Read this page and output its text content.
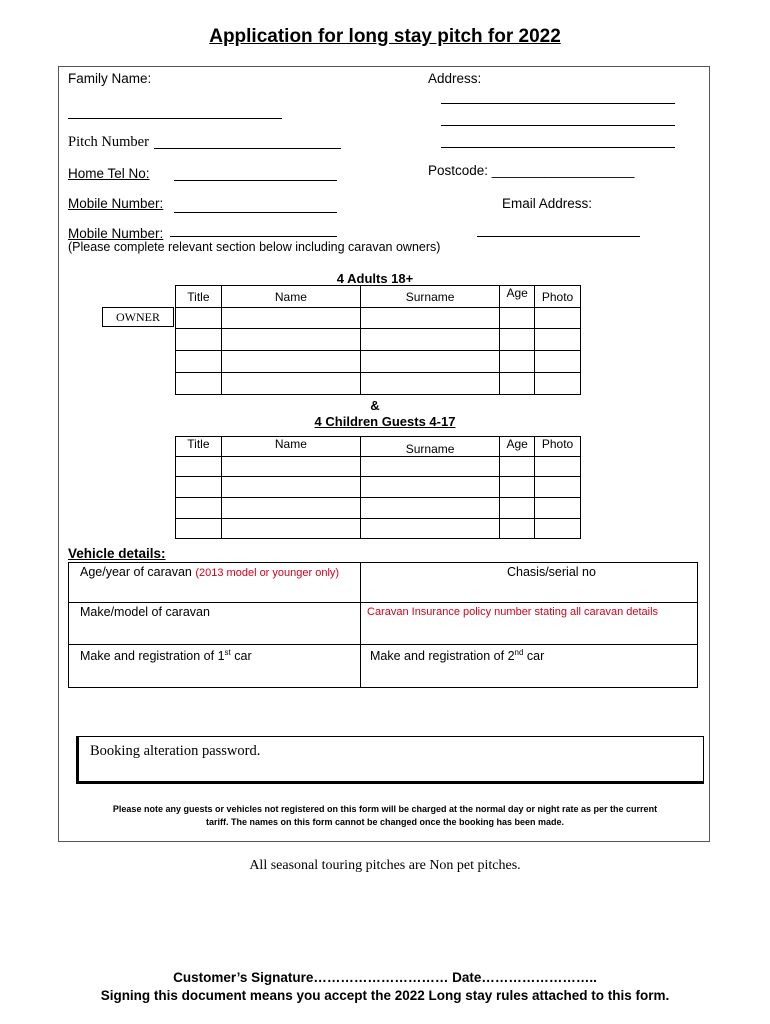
Application for long stay pitch for 2022
Family Name:	Address:
Pitch Number
Home Tel No:	Postcode: ___________________
Mobile Number:	Email Address:
Mobile Number:
(Please complete relevant section below including caravan owners)
4 Adults 18+
Title	Name	Surname	Age	Photo

OWNER
&
4 Children Guests 4-17
Title	Name	Surname	Age	Photo

Vehicle details:
Age/year of caravan (2013 model or younger only)	Chasis/serial no
Make/model of caravan	Caravan Insurance policy number stating all caravan details
Make and registration of 1st car	Make and registration of 2nd car
Booking alteration password.
Please note any guests or vehicles not registered on this form will be charged at the normal day or night rate as per the current
tariff. The names on this form cannot be changed once the booking has been made.
All seasonal touring pitches are Non pet pitches.
Customer’s Signature………………………… Date……………………..
Signing this document means you accept the 2022 Long stay rules attached to this form.
